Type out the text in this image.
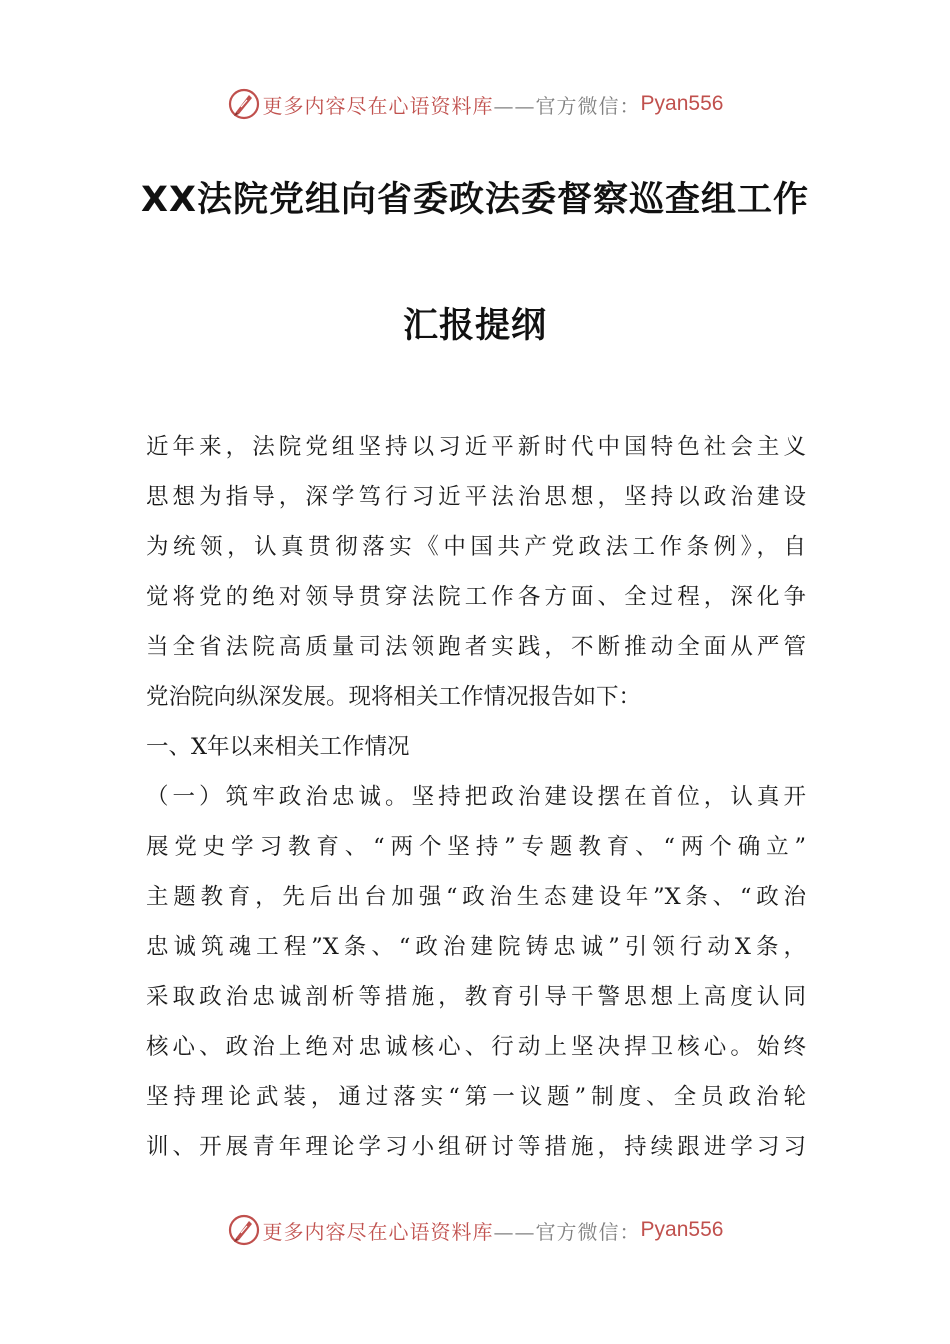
更多内容尽在心语资料库 ——官方微信： Pyan556
XX法院党组向省委政法委督察巡查组工作
汇报提纲
近年来，法院党组坚持以习近平新时代中国特色社会主义
思想为指导，深学笃行习近平法治思想，坚持以政治建设
为统领，认真贯彻落实《中国共产党政法工作条例》，自
觉将党的绝对领导贯穿法院工作各方面、全过程，深化争
当全省法院高质量司法领跑者实践，不断推动全面从严管
党治院向纵深发展。现将相关工作情况报告如下：
一、X年以来相关工作情况
（一）筑牢政治忠诚。坚持把政治建设摆在首位，认真开
展党史学习教育、“两个坚持”专题教育、“两个确立”
主题教育，先后出台加强“政治生态建设年”X条、“政治
忠诚筑魂工程”X条、“政治建院铸忠诚”引领行动X条，
采取政治忠诚剖析等措施，教育引导干警思想上高度认同
核心、政治上绝对忠诚核心、行动上坚决捍卫核心。始终
坚持理论武装，通过落实“第一议题”制度、全员政治轮
训、开展青年理论学习小组研讨等措施，持续跟进学习习
更多内容尽在心语资料库 ——官方微信： Pyan556
